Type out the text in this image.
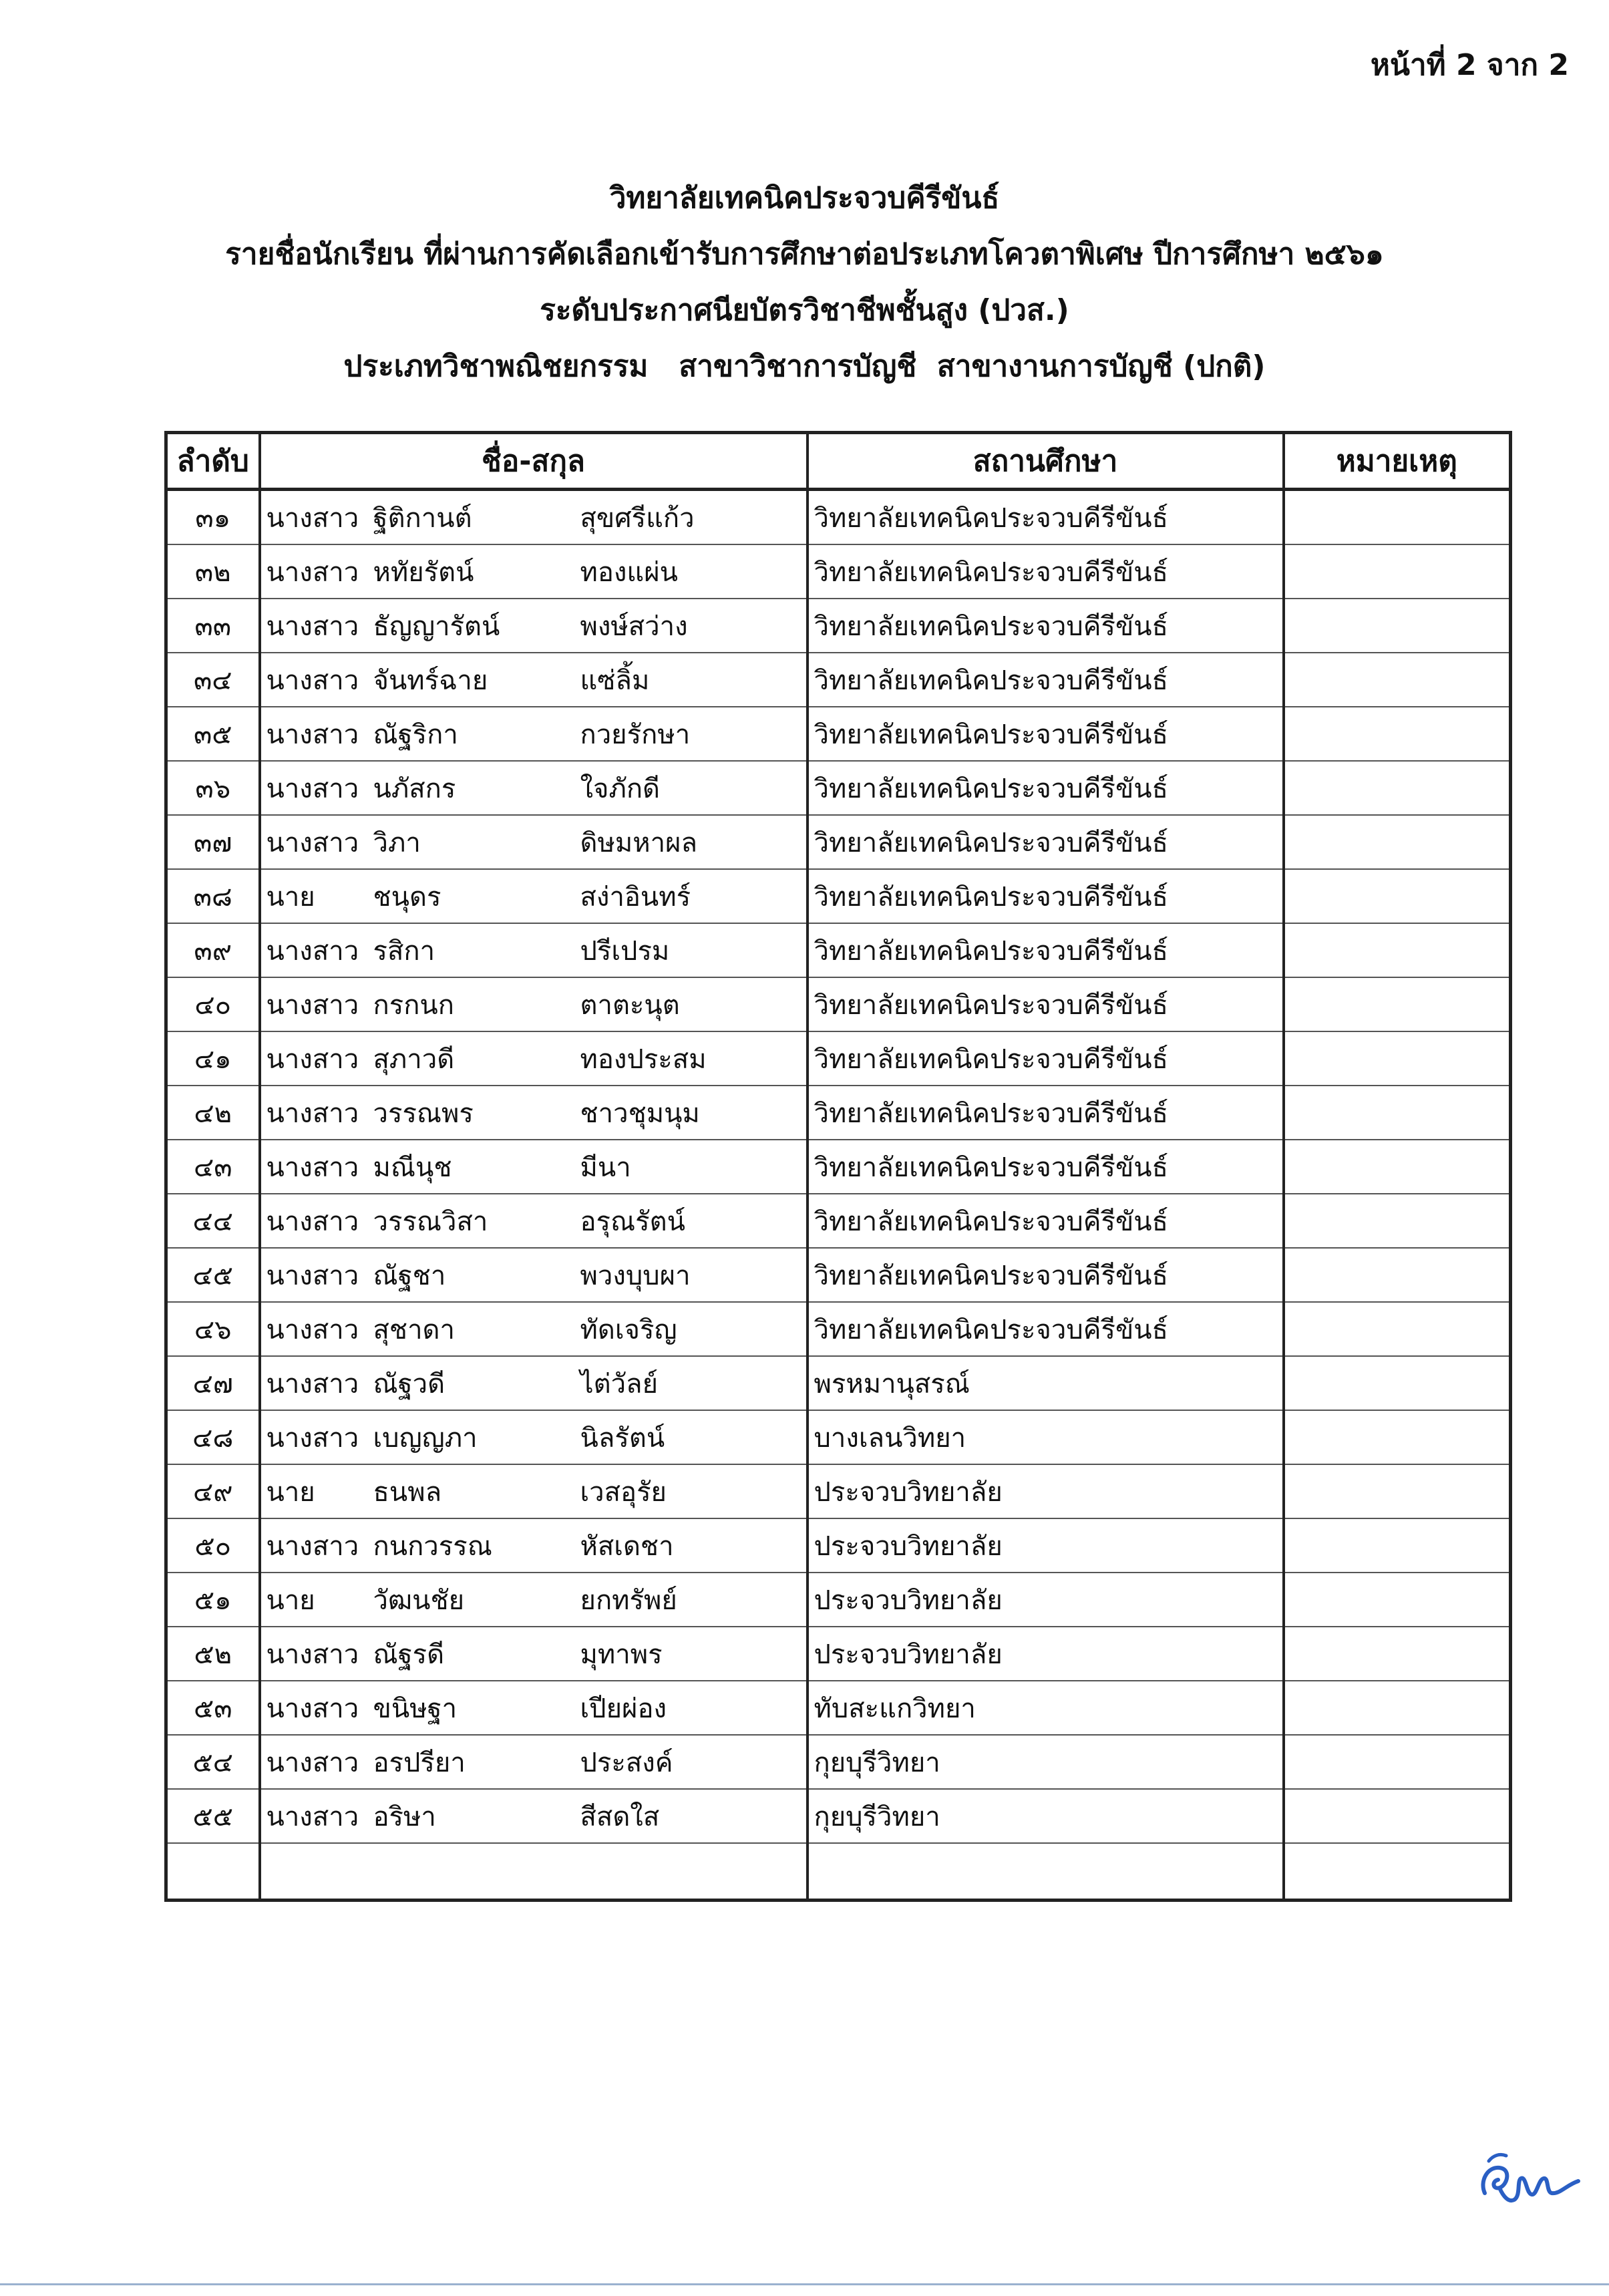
หน้าที่ 2 จาก 2
วิทยาลัยเทคนิคประจวบคีรีขันธ์
รายชื่อนักเรียน ที่ผ่านการคัดเลือกเข้ารับการศึกษาต่อประเภทโควตาพิเศษ ปีการศึกษา ๒๕๖๑
ระดับประกาศนียบัตรวิชาชีพชั้นสูง (ปวส.)
ประเภทวิชาพณิชยกรรม   สาขาวิชาการบัญชี  สาขางานการบัญชี (ปกติ)
ลำดับ	ชื่อ-สกุล	สถานศึกษา	หมายเหตุ
๓๑	นางสาว ฐิติกานต์ สุขศรีแก้ว	วิทยาลัยเทคนิคประจวบคีรีขันธ์	
๓๒	นางสาว หทัยรัตน์ ทองแผ่น	วิทยาลัยเทคนิคประจวบคีรีขันธ์	
๓๓	นางสาว ธัญญารัตน์ พงษ์สว่าง	วิทยาลัยเทคนิคประจวบคีรีขันธ์	
๓๔	นางสาว จันทร์ฉาย แซ่ลิ้ม	วิทยาลัยเทคนิคประจวบคีรีขันธ์	
๓๕	นางสาว ณัฐริกา กวยรักษา	วิทยาลัยเทคนิคประจวบคีรีขันธ์	
๓๖	นางสาว นภัสกร ใจภักดี	วิทยาลัยเทคนิคประจวบคีรีขันธ์	
๓๗	นางสาว วิภา ดิษมหาผล	วิทยาลัยเทคนิคประจวบคีรีขันธ์	
๓๘	นาย ชนุดร สง่าอินทร์	วิทยาลัยเทคนิคประจวบคีรีขันธ์	
๓๙	นางสาว รสิกา ปรีเปรม	วิทยาลัยเทคนิคประจวบคีรีขันธ์	
๔๐	นางสาว กรกนก ตาตะนุต	วิทยาลัยเทคนิคประจวบคีรีขันธ์	
๔๑	นางสาว สุภาวดี ทองประสม	วิทยาลัยเทคนิคประจวบคีรีขันธ์	
๔๒	นางสาว วรรณพร ชาวชุมนุม	วิทยาลัยเทคนิคประจวบคีรีขันธ์	
๔๓	นางสาว มณีนุช มีนา	วิทยาลัยเทคนิคประจวบคีรีขันธ์	
๔๔	นางสาว วรรณวิสา อรุณรัตน์	วิทยาลัยเทคนิคประจวบคีรีขันธ์	
๔๕	นางสาว ณัฐชา พวงบุบผา	วิทยาลัยเทคนิคประจวบคีรีขันธ์	
๔๖	นางสาว สุชาดา ทัดเจริญ	วิทยาลัยเทคนิคประจวบคีรีขันธ์	
๔๗	นางสาว ณัฐวดี ไต่วัลย์	พรหมานุสรณ์	
๔๘	นางสาว เบญญภา นิลรัตน์	บางเลนวิทยา	
๔๙	นาย ธนพล เวสอุรัย	ประจวบวิทยาลัย	
๕๐	นางสาว กนกวรรณ หัสเดชา	ประจวบวิทยาลัย	
๕๑	นาย วัฒนชัย ยกทรัพย์	ประจวบวิทยาลัย	
๕๒	นางสาว ณัฐรดี มุทาพร	ประจวบวิทยาลัย	
๕๓	นางสาว ขนิษฐา เปียผ่อง	ทับสะแกวิทยา	
๕๔	นางสาว อรปรียา ประสงค์	กุยบุรีวิทยา	
๕๕	นางสาว อริษา สีสดใส	กุยบุรีวิทยา	
